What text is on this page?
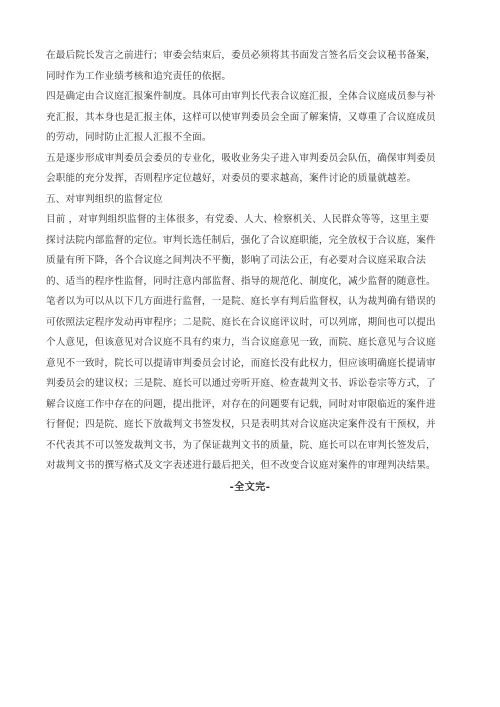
在最后院长发言之前进行；审委会结束后，委员必须将其书面发言签名后交会议秘书备案，
同时作为工作业绩考核和追究责任的依据。
四是确定由合议庭汇报案件制度。具体可由审判长代表合议庭汇报，全体合议庭成员参与补
充汇报，其本身也是汇报主体，这样可以使审判委员会全面了解案情，又尊重了合议庭成员
的劳动，同时防止汇报人汇报不全面。
五是逐步形成审判委员会委员的专业化，吸收业务尖子进入审判委员会队伍，确保审判委员
会职能的充分发挥，否则程序定位越好，对委员的要求越高，案件讨论的质量就越差。
五、对审判组织的监督定位
目前 ，对审判组织监督的主体很多，有党委、人大、检察机关、人民群众等等，这里主要
探讨法院内部监督的定位。审判长选任制后，强化了合议庭职能，完全放权于合议庭，案件
质量有所下降，各个合议庭之间判决不平衡，影响了司法公正，有必要对合议庭采取合法
的、适当的程序性监督，同时注意内部监督、指导的规范化、制度化，减少监督的随意性。
笔者以为可以从以下几方面进行监督，一是院、庭长享有判后监督权，认为裁判确有错误的
可依照法定程序发动再审程序；二是院、庭长在合议庭评议时，可以列席，期间也可以提出
个人意见，但该意见对合议庭不具有约束力，当合议庭意见一致，而院、庭长意见与合议庭
意见不一致时，院长可以提请审判委员会讨论，而庭长没有此权力，但应该明确庭长提请审
判委员会的建议权；三是院、庭长可以通过旁听开庭、检查裁判文书、诉讼卷宗等方式，了
解合议庭工作中存在的问题，提出批评，对存在的问题要有记载，同时对审限临近的案件进
行督促；四是院、庭长下放裁判文书签发权，只是表明其对合议庭决定案件没有干预权，并
不代表其不可以签发裁判文书，为了保证裁判文书的质量，院、庭长可以在审判长签发后，
对裁判文书的撰写格式及文字表述进行最后把关，但不改变合议庭对案件的审理判决结果。
-全文完-
